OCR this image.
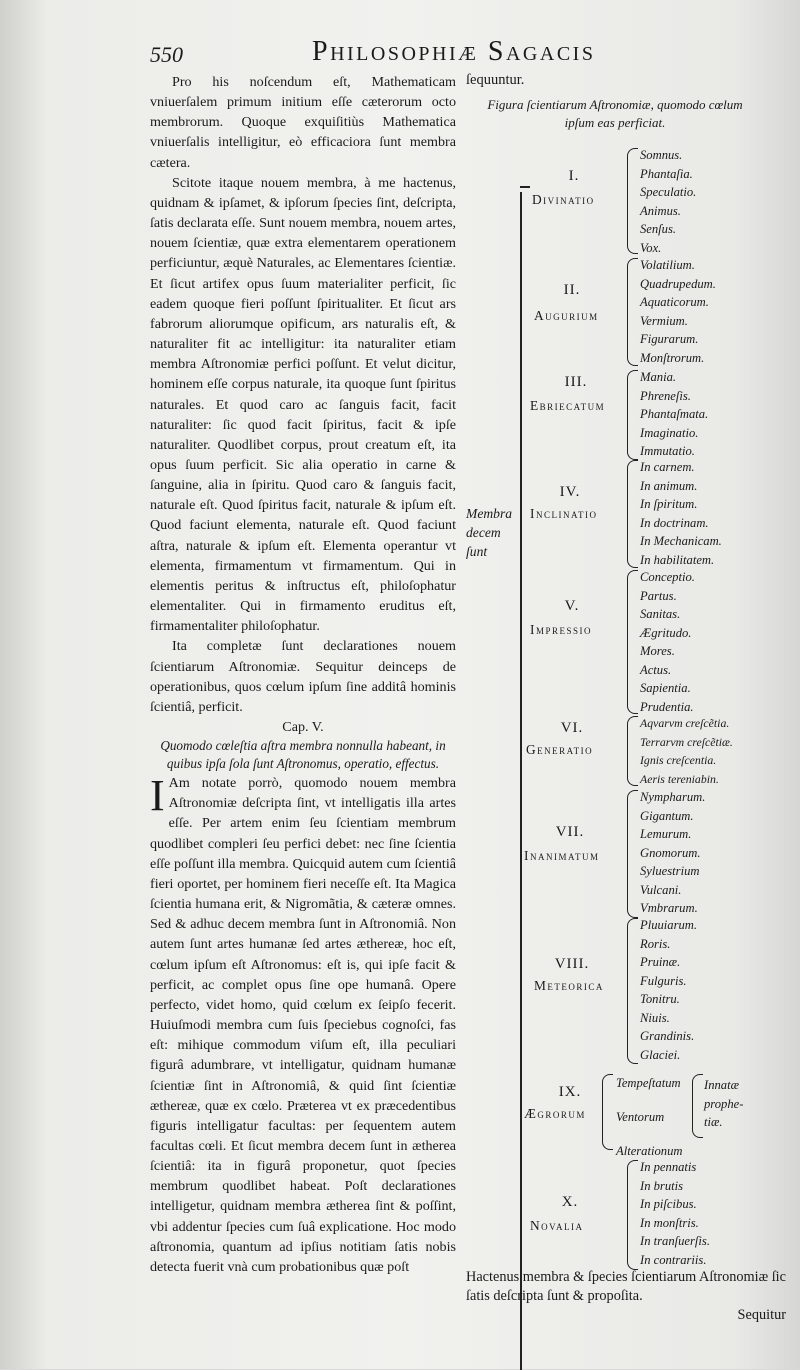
550	Philosophiæ Sagacis

Pro his noſcendum eſt, Mathematicam vniuerſalem primum initium eſſe cæterorum octo membrorum. Quoque exquiſitiùs Mathematica vniuerſalis intelligitur, eò efficaciora ſunt membra cætera.

Scitote itaque nouem membra, à me hactenus, quidnam & ipſamet, & ipſorum ſpecies ſint, deſcripta, ſatis declarata eſſe. Sunt nouem membra, nouem artes, nouem ſcientiæ, quæ extra elementarem operationem perficiuntur, æquè Naturales, ac Elementares ſcientiæ. Et ſicut artifex opus ſuum materialiter perficit, ſic eadem quoque fieri poſſunt ſpiritualiter. Et ſicut ars fabrorum aliorumque opificum, ars naturalis eſt, & naturaliter fit ac intelligitur: ita naturaliter etiam membra Aſtronomiæ perfici poſſunt. Et velut dicitur, hominem eſſe corpus naturale, ita quoque ſunt ſpiritus naturales. Et quod caro ac ſanguis facit, facit naturaliter: ſic quod facit ſpiritus, facit & ipſe naturaliter. Quodlibet corpus, prout creatum eſt, ita opus ſuum perficit. Sic alia operatio in carne & ſanguine, alia in ſpiritu. Quod caro & ſanguis facit, naturale eſt. Quod ſpiritus facit, naturale & ipſum eſt. Quod faciunt elementa, naturale eſt. Quod faciunt aſtra, naturale & ipſum eſt. Elementa operantur vt elementa, firmamentum vt firmamentum. Qui in elementis peritus & inſtructus eſt, philoſophatur elementaliter. Qui in firmamento eruditus eſt, firmamentaliter philoſophatur.

Ita completæ ſunt declarationes nouem ſcientiarum Aſtronomiæ. Sequitur deinceps de operationibus, quos cœlum ipſum ſine additâ hominis ſcientiâ, perficit.

Cap. V.

Quomodo cœleſtia aſtra membra nonnulla habeant, in quibus ipſa ſola ſunt Aſtronomus, operatio, effectus.

I Am notate porrò, quomodo nouem membra Aſtronomiæ deſcripta ſint, vt intelligatis illa artes eſſe. Per artem enim ſeu ſcientiam membrum quodlibet compleri ſeu perfici debet: nec ſine ſcientia eſſe poſſunt illa membra. Quicquid autem cum ſcientiâ fieri oportet, per hominem fieri neceſſe eſt. Ita Magica ſcientia humana erit, & Nigromãtia, & cæteræ omnes. Sed & adhuc decem membra ſunt in Aſtronomiâ. Non autem ſunt artes humanæ ſed artes æthereæ, hoc eſt, cœlum ipſum eſt Aſtronomus: eſt is, qui ipſe facit & perficit, ac complet opus ſine ope humanâ. Opere perfecto, videt homo, quid cœlum ex ſeipſo fecerit. Huiuſmodi membra cum ſuis ſpeciebus cognoſci, fas eſt: mihique commodum viſum eſt, illa peculiari figurâ adumbrare, vt intelligatur, quidnam humanæ ſcientiæ ſint in Aſtronomiâ, & quid ſint ſcientiæ æthereæ, quæ ex cœlo. Præterea vt ex præcedentibus figuris intelligatur facultas: per ſequentem autem facultas cœli. Et ſicut membra decem ſunt in ætherea ſcientiâ: ita in figurâ proponetur, quot ſpecies membrum quodlibet habeat. Poſt declarationes intelligetur, quidnam membra ætherea ſint & poſſint, vbi addentur ſpecies cum ſuâ explicatione. Hoc modo aſtronomia, quantum ad ipſius notitiam ſatis nobis detecta fuerit vnà cum probationibus quæ poſt

ſequuntur.
Figura ſcientiarum Aſtronomiæ, quomodo cœlum ipſum eas perficiat.
Membra
decem
ſunt
I.
Divinatio
Somnus.
Phantaſia.
Speculatio.
Animus.
Senſus.
Vox.
II.
Augurium
Volatilium.
Quadrupedum.
Aquaticorum.
Vermium.
Figurarum.
Monſtrorum.
III.
Ebriecatum
Mania.
Phreneſis.
Phantaſmata.
Imaginatio.
Immutatio.
IV.
Inclinatio
In carnem.
In animum.
In ſpiritum.
In doctrinam.
In Mechanicam.
In habilitatem.
V.
Impressio
Conceptio.
Partus.
Sanitas.
Ægritudo.
Mores.
Actus.
Sapientia.
Prudentia.
VI.
Generatio
Aqvarvm creſcẽtia.
Terrarvm creſcẽtiæ.
Ignis creſcentia.
Aeris tereniabin.
VII.
Inanimatum
Nympharum.
Gigantum.
Lemurum.
Gnomorum.
Syluestrium
Vulcani.
Vmbrarum.
VIII.
Meteorica
Pluuiarum.
Roris.
Pruinæ.
Fulguris.
Tonitru.
Niuis.
Grandinis.
Glaciei.
IX.
Ægrorum
Tempeſtatum
Ventorum
Alterationum
Innatæ
prophe-
tiæ.
X.
Novalia
In pennatis
In brutis
In piſcibus.
In monſtris.
In tranſuerſis.
In contrariis.
Hactenus membra & ſpecies ſcientiarum Aſtronomiæ ſic ſatis deſcripta ſunt & propoſita.
Sequitur
